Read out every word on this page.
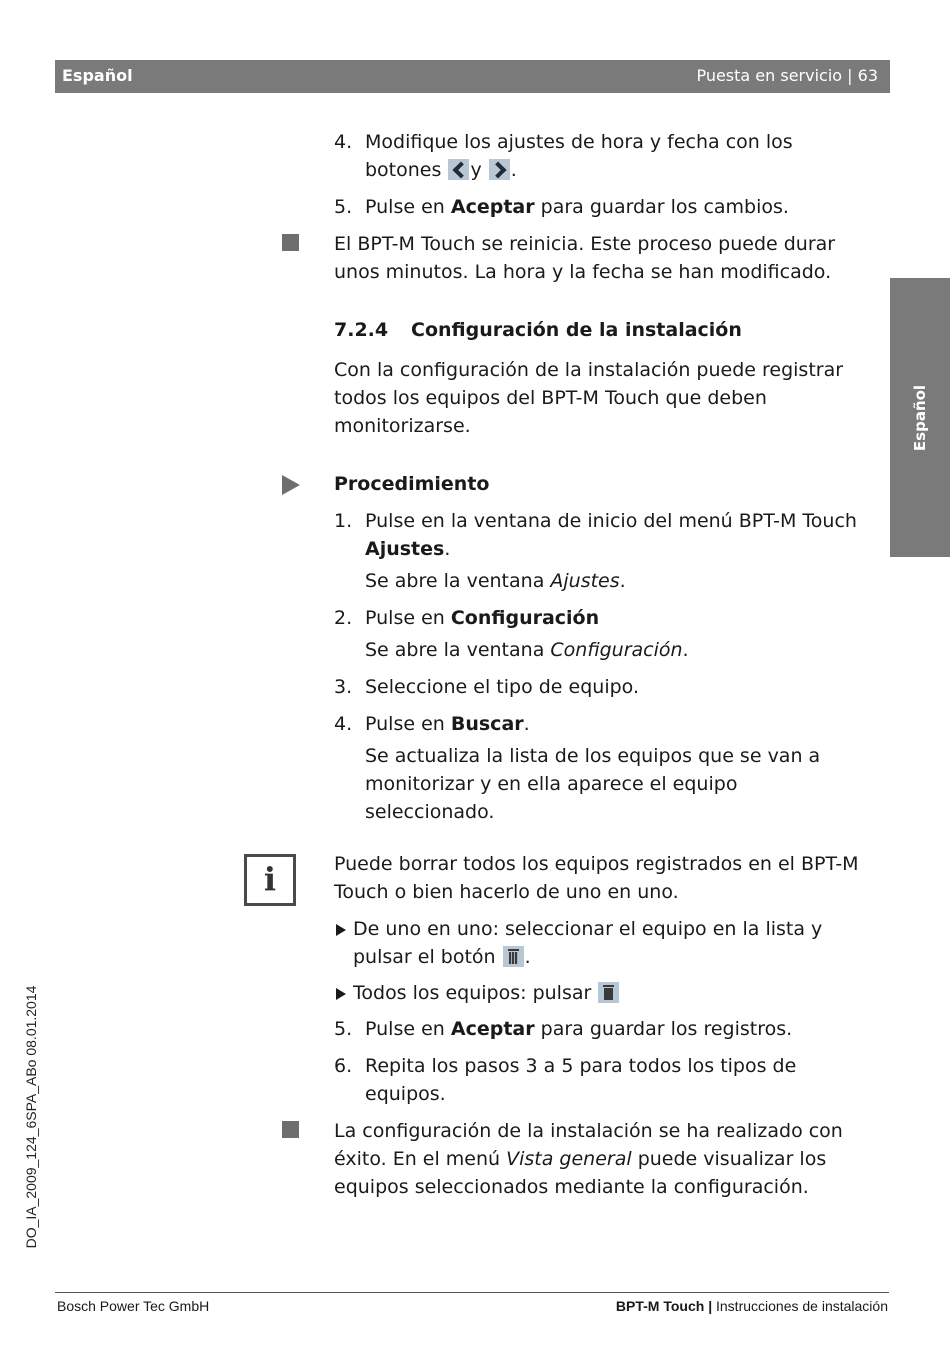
Español	Puesta en servicio | 63
Español
DO_IA_2009_124_6SPA_ABo 08.01.2014
4. Modifique los ajustes de hora y fecha con los botones y .
5. Pulse en Aceptar para guardar los cambios.
El BPT-M Touch se reinicia. Este proceso puede durar unos minutos. La hora y la fecha se han modificado.
7.2.4 Configuración de la instalación
Con la configuración de la instalación puede registrar todos los equipos del BPT-M Touch que deben monitorizarse.
Procedimiento
1. Pulse en la ventana de inicio del menú BPT-M Touch Ajustes.
Se abre la ventana Ajustes.
2. Pulse en Configuración
Se abre la ventana Configuración.
3. Seleccione el tipo de equipo.
4. Pulse en Buscar.
Se actualiza la lista de los equipos que se van a monitorizar y en ella aparece el equipo seleccionado.
i	Puede borrar todos los equipos registrados en el BPT-M Touch o bien hacerlo de uno en uno.
De uno en uno: seleccionar el equipo en la lista y pulsar el botón .
Todos los equipos: pulsar
5. Pulse en Aceptar para guardar los registros.
6. Repita los pasos 3 a 5 para todos los tipos de equipos.
La configuración de la instalación se ha realizado con éxito. En el menú Vista general puede visualizar los equipos seleccionados mediante la configuración.
Bosch Power Tec GmbH	BPT-M Touch | Instrucciones de instalación
